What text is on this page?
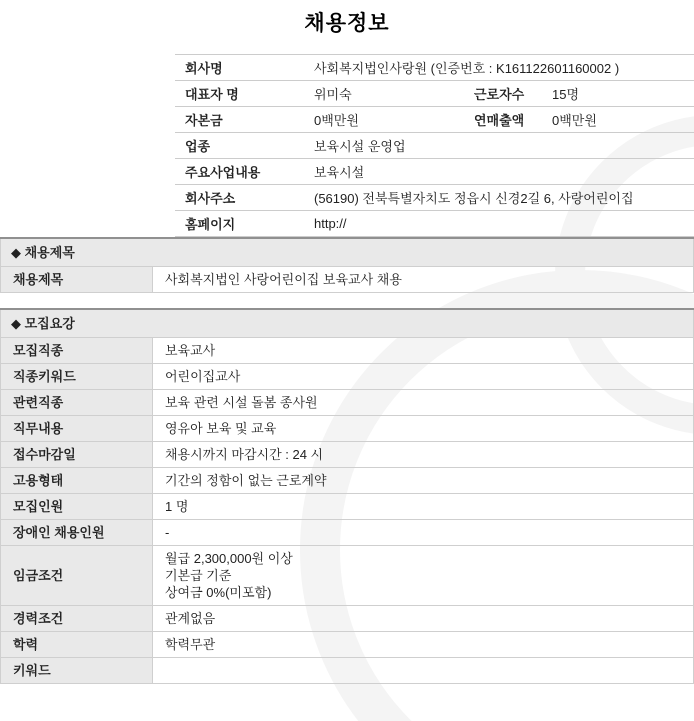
채용정보
회사명	사회복지법인사랑원 (인증번호 : K161122601160002 )		
대표자 명	위미숙	근로자수	15명
자본금	0백만원	연매출액	0백만원
업종	보육시설 운영업		
주요사업내용	보육시설		
회사주소	(56190) 전북특별자치도 정읍시 신경2길 6, 사랑어린이집		
홈페이지	http://		
◆ 채용제목
채용제목	사회복지법인 사랑어린이집 보육교사 채용
◆ 모집요강	
모집직종	보육교사
직종키워드	어린이집교사
관련직종	보육 관련 시설 돌봄 종사원
직무내용	영유아 보육 및 교육
접수마감일	채용시까지 마감시간 : 24 시
고용형태	기간의 정함이 없는 근로계약
모집인원	1 명
장애인 채용인원	-
임금조건	월급 2,300,000원 이상
기본급 기준
상여금 0%(미포함)
경력조건	관계없음
학력	학력무관
키워드	
